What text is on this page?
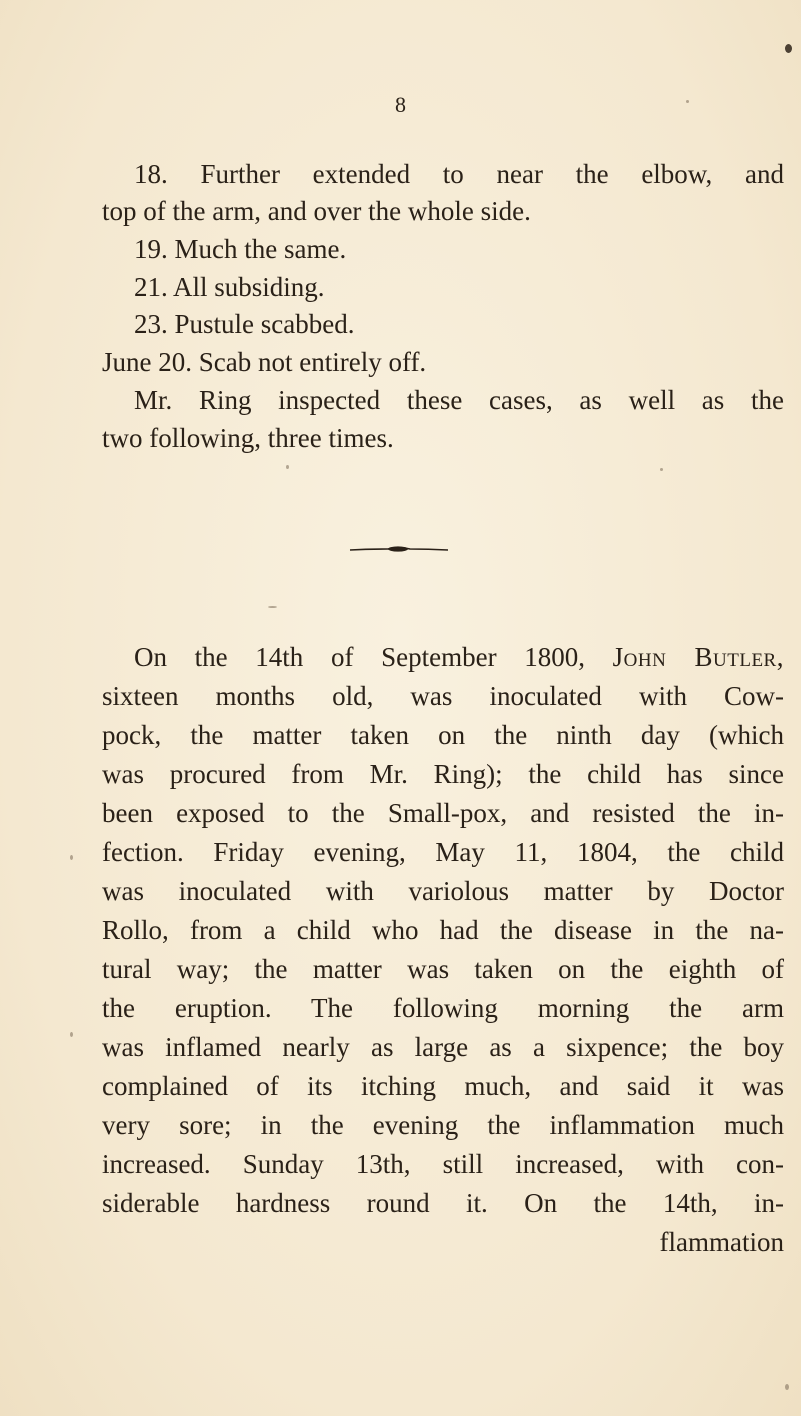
8
18. Further extended to near the elbow, and
top of the arm, and over the whole side.
19. Much the same.
21. All subsiding.
23. Pustule scabbed.
June 20. Scab not entirely off.
Mr. Ring inspected these cases, as well as the
two following, three times.
On the 14th of September 1800, John Butler,
sixteen months old, was inoculated with Cow-
pock, the matter taken on the ninth day (which
was procured from Mr. Ring); the child has since
been exposed to the Small-pox, and resisted the in-
fection. Friday evening, May 11, 1804, the child
was inoculated with variolous matter by Doctor
Rollo, from a child who had the disease in the na-
tural way; the matter was taken on the eighth of
the eruption. The following morning the arm
was inflamed nearly as large as a sixpence; the boy
complained of its itching much, and said it was
very sore; in the evening the inflammation much
increased. Sunday 13th, still increased, with con-
siderable hardness round it. On the 14th, in-
flammation
